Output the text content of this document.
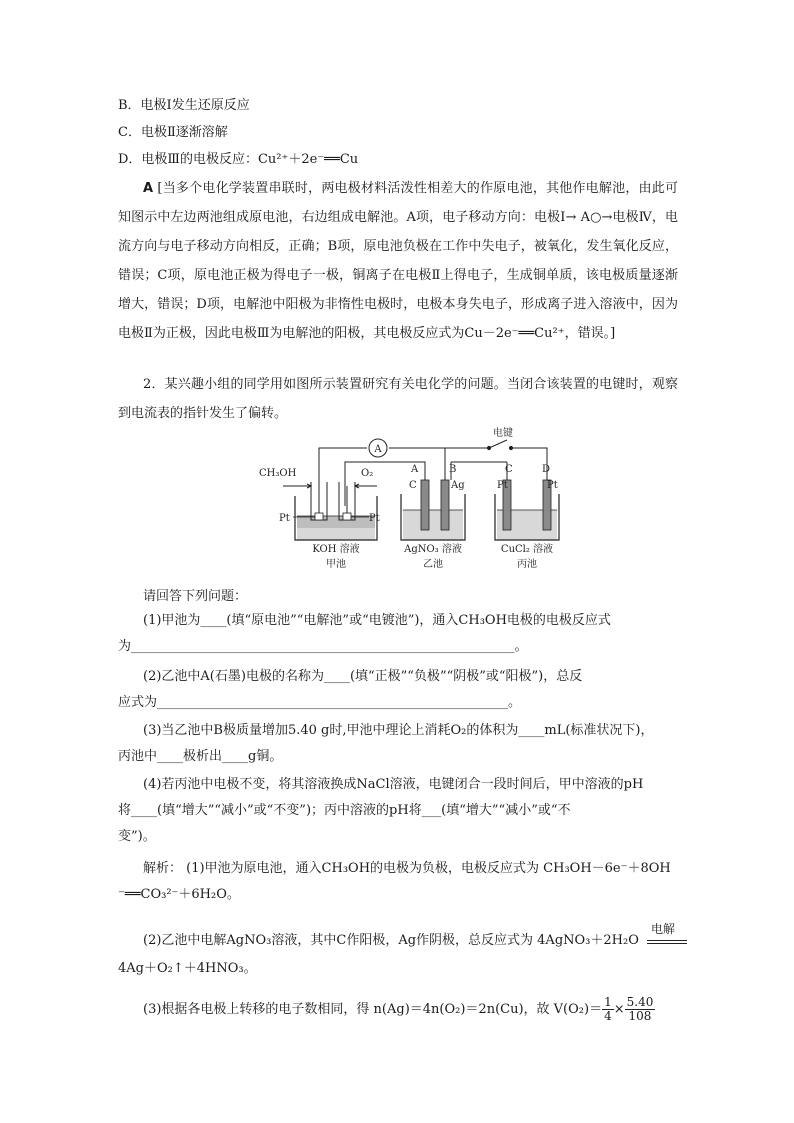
B．电极Ⅰ发生还原反应
C．电极Ⅱ逐渐溶解
D．电极Ⅲ的电极反应：Cu²⁺＋2e⁻══Cu
A [当多个电化学装置串联时，两电极材料活泼性相差大的作原电池，其他作电解池，由此可知图示中左边两池组成原电池，右边组成电解池。A项，电子移动方向：电极Ⅰ→ A○→电极Ⅳ，电流方向与电子移动方向相反，正确；B项，原电池负极在工作中失电子，被氧化，发生氧化反应，错误；C项，原电池正极为得电子一极，铜离子在电极Ⅱ上得电子，生成铜单质，该电极质量逐渐增大，错误；D项，电解池中阳极为非惰性电极时，电极本身失电子，形成离子进入溶液中，因为电极Ⅱ为正极，因此电极Ⅲ为电解池的阳极，其电极反应式为Cu－2e⁻══Cu²⁺，错误。]
2．某兴趣小组的同学用如图所示装置研究有关电化学的问题。当闭合该装置的电键时，观察到电流表的指针发生了偏转。
A
电键
CH₃OH	O₂
Pt	Pt
KOH 溶液
甲池
A	B
C	Ag
AgNO₃ 溶液
乙池
C	D
Pt	Pt
CuCl₂ 溶液
丙池
请回答下列问题：
(1)甲池为____(填“原电池”“电解池”或“电镀池”)，通入CH₃OH电极的电极反应式
为___________________________________________________________。
(2)乙池中A(石墨)电极的名称为____(填“正极”“负极”“阴极”或“阳极”)，总反
应式为______________________________________________________。
(3)当乙池中B极质量增加5.40 g时,甲池中理论上消耗O₂的体积为____mL(标准状况下)，
丙池中____极析出____g铜。
(4)若丙池中电极不变，将其溶液换成NaCl溶液，电键闭合一段时间后，甲中溶液的pH
将____(填“增大”“减小”或“不变”)；丙中溶液的pH将___(填“增大”“减小”或“不
变”)。
解析： (1)甲池为原电池，通入CH₃OH的电极为负极，电极反应式为 CH₃OH－6e⁻＋8OH
⁻══CO₃²⁻＋6H₂O。
(2)乙池中电解AgNO₃溶液，其中C作阳极，Ag作阴极，总反应式为 4AgNO₃＋2H₂O
电解
4Ag＋O₂↑＋4HNO₃。
(3)根据各电极上转移的电子数相同，得 n(Ag)＝4n(O₂)＝2n(Cu)，故 $V(O_2)= \frac{1}{4} \times \frac{5.40}{108}$
